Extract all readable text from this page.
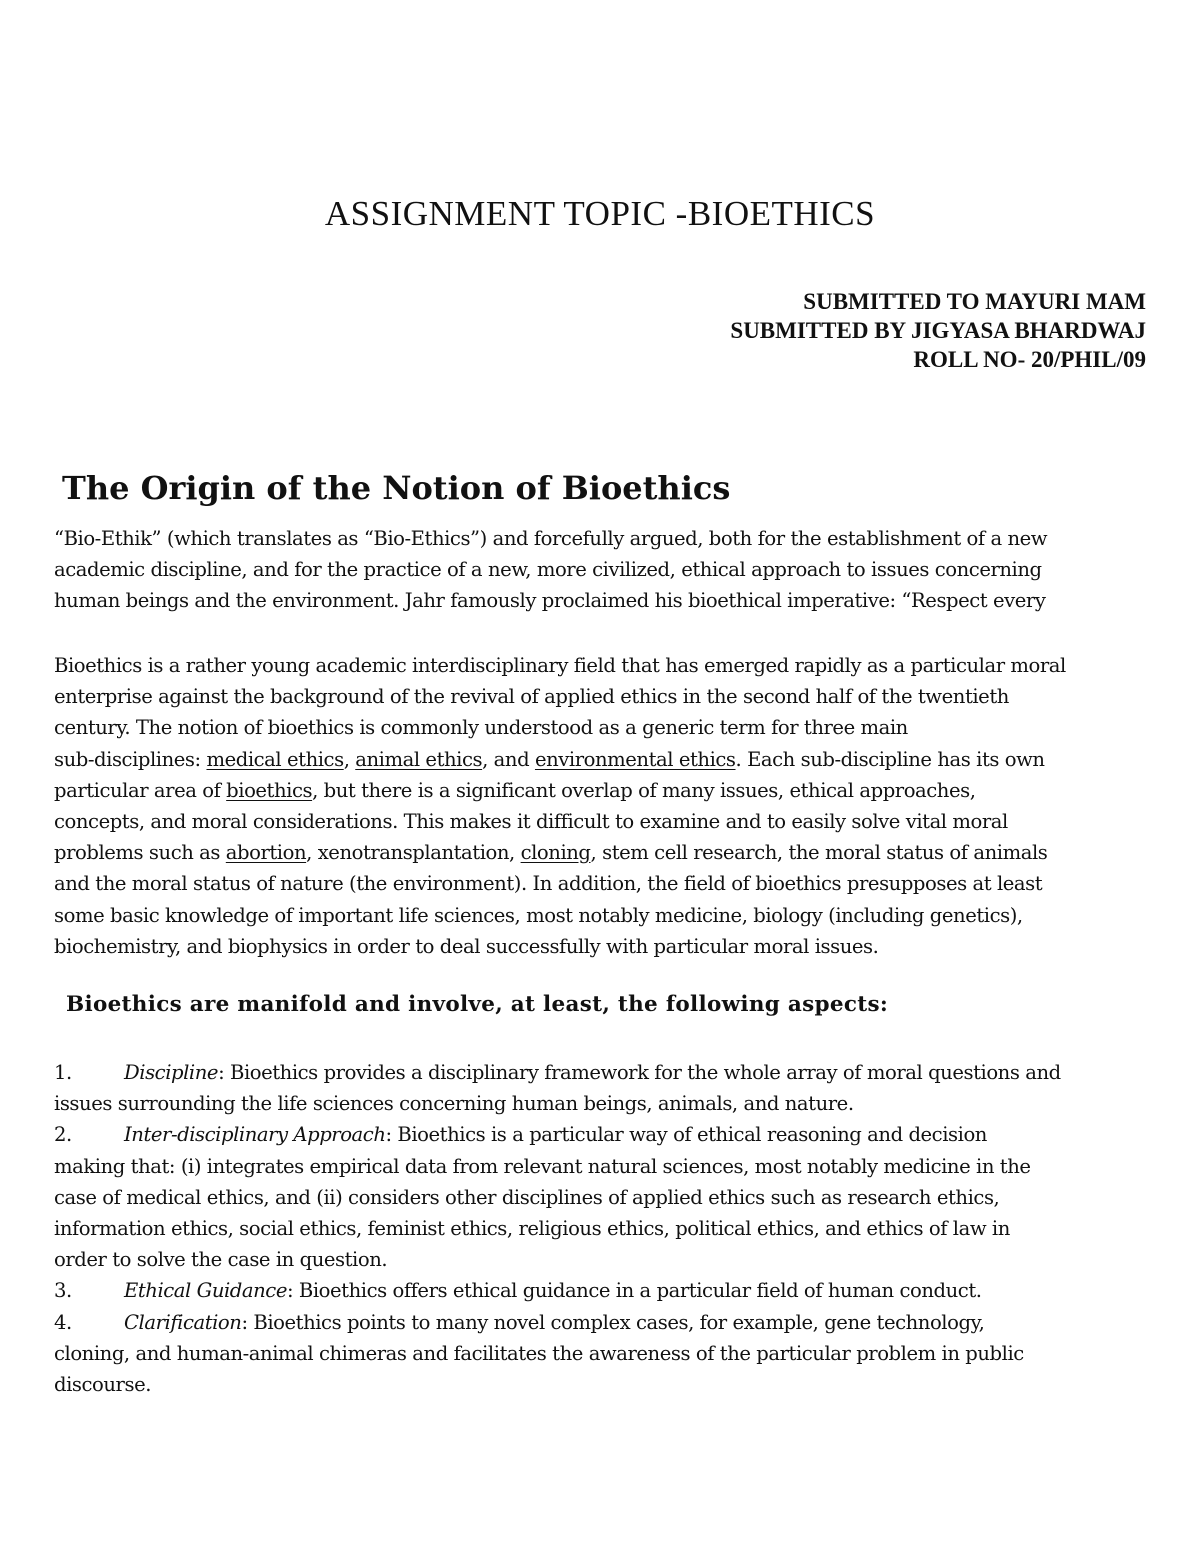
ASSIGNMENT TOPIC -BIOETHICS
SUBMITTED TO MAYURI MAM
SUBMITTED BY JIGYASA BHARDWAJ
ROLL NO- 20/PHIL/09
The Origin of the Notion of Bioethics
“Bio-Ethik” (which translates as “Bio-Ethics”) and forcefully argued, both for the establishment of a new
academic discipline, and for the practice of a new, more civilized, ethical approach to issues concerning
human beings and the environment. Jahr famously proclaimed his bioethical imperative: “Respect every
Bioethics is a rather young academic interdisciplinary field that has emerged rapidly as a particular moral
enterprise against the background of the revival of applied ethics in the second half of the twentieth
century. The notion of bioethics is commonly understood as a generic term for three main
sub-disciplines: medical ethics, animal ethics, and environmental ethics. Each sub-discipline has its own
particular area of bioethics, but there is a significant overlap of many issues, ethical approaches,
concepts, and moral considerations. This makes it difficult to examine and to easily solve vital moral
problems such as abortion, xenotransplantation, cloning, stem cell research, the moral status of animals
and the moral status of nature (the environment). In addition, the field of bioethics presupposes at least
some basic knowledge of important life sciences, most notably medicine, biology (including genetics),
biochemistry, and biophysics in order to deal successfully with particular moral issues.
Bioethics are manifold and involve, at least, the following aspects:
1.	Discipline: Bioethics provides a disciplinary framework for the whole array of moral questions and
issues surrounding the life sciences concerning human beings, animals, and nature.
2.	Inter-disciplinary Approach: Bioethics is a particular way of ethical reasoning and decision
making that: (i) integrates empirical data from relevant natural sciences, most notably medicine in the
case of medical ethics, and (ii) considers other disciplines of applied ethics such as research ethics,
information ethics, social ethics, feminist ethics, religious ethics, political ethics, and ethics of law in
order to solve the case in question.
3.	Ethical Guidance: Bioethics offers ethical guidance in a particular field of human conduct.
4.	Clarification: Bioethics points to many novel complex cases, for example, gene technology,
cloning, and human-animal chimeras and facilitates the awareness of the particular problem in public
discourse.
